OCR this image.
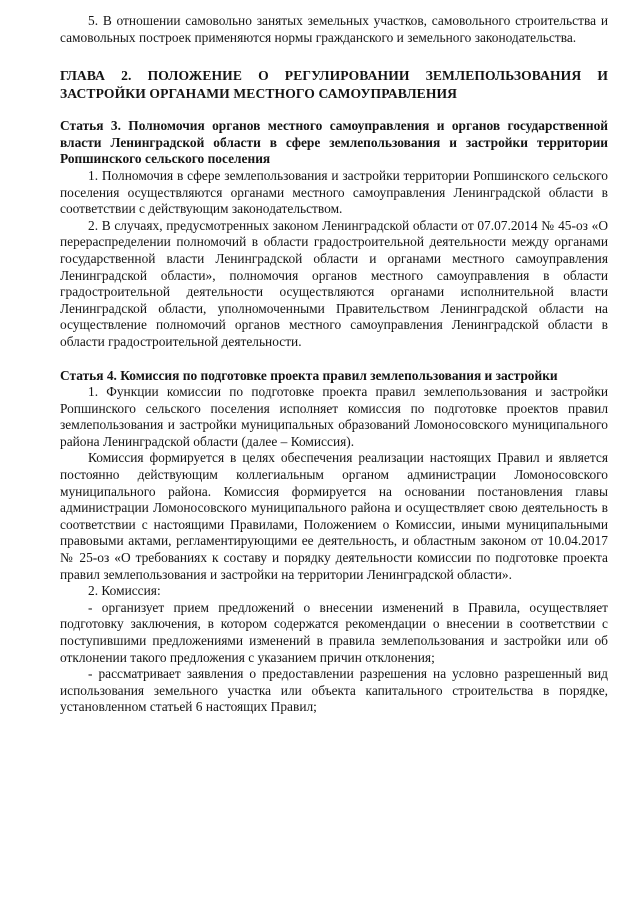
5. В отношении самовольно занятых земельных участков, самовольного строительства и самовольных построек применяются нормы гражданского и земельного законодательства.

ГЛАВА 2. ПОЛОЖЕНИЕ О РЕГУЛИРОВАНИИ ЗЕМЛЕПОЛЬЗОВАНИЯ И ЗАСТРОЙКИ ОРГАНАМИ МЕСТНОГО САМОУПРАВЛЕНИЯ

Статья 3. Полномочия органов местного самоуправления и органов государственной власти Ленинградской области в сфере землепользования и застройки территории Ропшинского сельского поселения

1. Полномочия в сфере землепользования и застройки территории Ропшинского сельского поселения осуществляются органами местного самоуправления Ленинградской области в соответствии с действующим законодательством.

2. В случаях, предусмотренных законом Ленинградской области от 07.07.2014 № 45-оз «О перераспределении полномочий в области градостроительной деятельности между органами государственной власти Ленинградской области и органами местного самоуправления Ленинградской области», полномочия органов местного самоуправления в области градостроительной деятельности осуществляются органами исполнительной власти Ленинградской области, уполномоченными Правительством Ленинградской области на осуществление полномочий органов местного самоуправления Ленинградской области в области градостроительной деятельности.

Статья 4. Комиссия по подготовке проекта правил землепользования и застройки

1. Функции комиссии по подготовке проекта правил землепользования и застройки Ропшинского сельского поселения исполняет комиссия по подготовке проектов правил землепользования и застройки муниципальных образований Ломоносовского муниципального района Ленинградской области (далее – Комиссия).

Комиссия формируется в целях обеспечения реализации настоящих Правил и является постоянно действующим коллегиальным органом администрации Ломоносовского муниципального района. Комиссия формируется на основании постановления главы администрации Ломоносовского муниципального района и осуществляет свою деятельность в соответствии с настоящими Правилами, Положением о Комиссии, иными муниципальными правовыми актами, регламентирующими ее деятельность, и областным законом от 10.04.2017 № 25-оз «О требованиях к составу и порядку деятельности комиссии по подготовке проекта правил землепользования и застройки на территории Ленинградской области».

2. Комиссия:

- организует прием предложений о внесении изменений в Правила, осуществляет подготовку заключения, в котором содержатся рекомендации о внесении в соответствии с поступившими предложениями изменений в правила землепользования и застройки или об отклонении такого предложения с указанием причин отклонения;

- рассматривает заявления о предоставлении разрешения на условно разрешенный вид использования земельного участка или объекта капитального строительства в порядке, установленном статьей 6 настоящих Правил;
